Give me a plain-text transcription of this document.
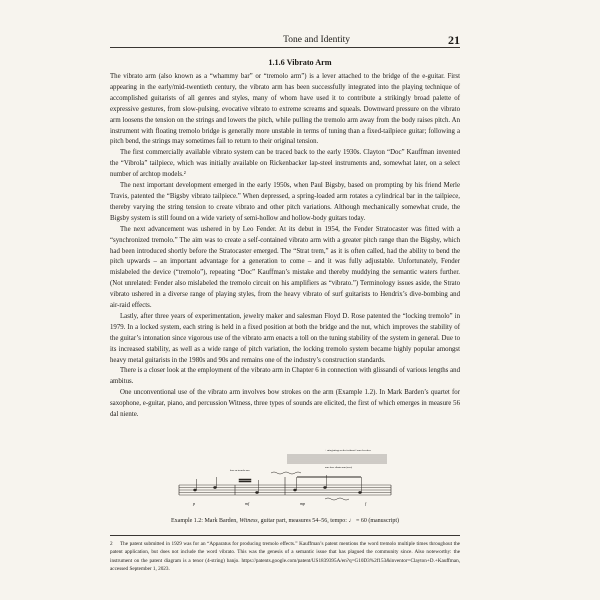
Tone and Identity	21
1.1.6 Vibrato Arm

The vibrato arm (also known as a “whammy bar” or “tremolo arm”) is a lever attached to the bridge of the e-guitar. First appearing in the early/mid-twentieth century, the vibrato arm has been successfully integrated into the playing technique of accomplished guitarists of all genres and styles, many of whom have used it to contribute a strikingly broad palette of expressive gestures, from slow-pulsing, evocative vibrato to extreme screams and squeals. Downward pressure on the vibrato arm loosens the tension on the strings and lowers the pitch, while pulling the tremolo arm away from the body raises pitch. An instrument with floating tremolo bridge is generally more unstable in terms of tuning than a fixed-tailpiece guitar; following a pitch bend, the strings may sometimes fail to return to their original tension.

The first commercially available vibrato system can be traced back to the early 1930s. Clayton “Doc” Kauffman invented the “Vibrola” tailpiece, which was initially available on Rickenbacker lap-steel instruments and, somewhat later, on a select number of archtop models.²

The next important development emerged in the early 1950s, when Paul Bigsby, based on prompting by his friend Merle Travis, patented the “Bigsby vibrato tailpiece.” When depressed, a spring-loaded arm rotates a cylindrical bar in the tailpiece, thereby varying the string tension to create vibrato and other pitch variations. Although mechanically somewhat crude, the Bigsby system is still found on a wide variety of semi-hollow and hollow-body guitars today.

The next advancement was ushered in by Leo Fender. At its debut in 1954, the Fender Stratocaster was fitted with a “synchronized tremolo.” The aim was to create a self-contained vibrato arm with a greater pitch range than the Bigsby, which had been introduced shortly before the Stratocaster emerged. The “Strat trem,” as it is often called, had the ability to bend the pitch upwards – an important advantage for a generation to come – and it was fully adjustable. Unfortunately, Fender mislabeled the device (“tremolo”), repeating “Doc” Kauffman’s mistake and thereby muddying the semantic waters further. (Not unrelated: Fender also mislabeled the tremolo circuit on his amplifiers as “vibrato.”) Terminology issues aside, the Strato vibrato ushered in a diverse range of playing styles, from the heavy vibrato of surf guitarists to Hendrix’s dive-bombing and air-raid effects.

Lastly, after three years of experimentation, jewelry maker and salesman Floyd D. Rose patented the “locking tremolo” in 1979. In a locked system, each string is held in a fixed position at both the bridge and the nut, which improves the stability of the guitar’s intonation since vigorous use of the vibrato arm enacts a toll on the tuning stability of the system in general. Due to its increased stability, as well as a wide range of pitch variation, the locking tremolo system became highly popular amongst heavy metal guitarists in the 1980s and 90s and remains one of the industry’s construction standards.

There is a closer look at the employment of the vibrato arm in Chapter 6 in connection with glissandi of various lengths and ambitus.

One unconventional use of the vibrato arm involves bow strokes on the arm (Example 1.2). In Mark Barden’s quartet for saxophone, e-guitar, piano, and percussion Witness, three types of sounds are elicited, the first of which emerges in measure 56 dal niente.

+ string/strings on the fretboard / arm elsewhere
arm: bow vibrato arm (arco)
bow on tremolo arm
p	mf	mp	f
Example 1.2: Mark Barden, Witness, guitar part, measures 54–56, tempo: ♩ = 60 (manuscript)
2 The patent submitted in 1929 was for an “Apparatus for producing tremolo effects.” Kauffman’s patent mentions the word tremolo multiple times throughout the patent application, but does not include the word vibrato. This was the genesis of a semantic issue that has plagued the community since. Also noteworthy: the instrument on the patent diagram is a tenor (4-string) banjo. https://patents.google.com/patent/US1839395A/en?q=G10D3%2f153&inventor=Clayton+D.+Kauffman, accessed September 1, 2023.
